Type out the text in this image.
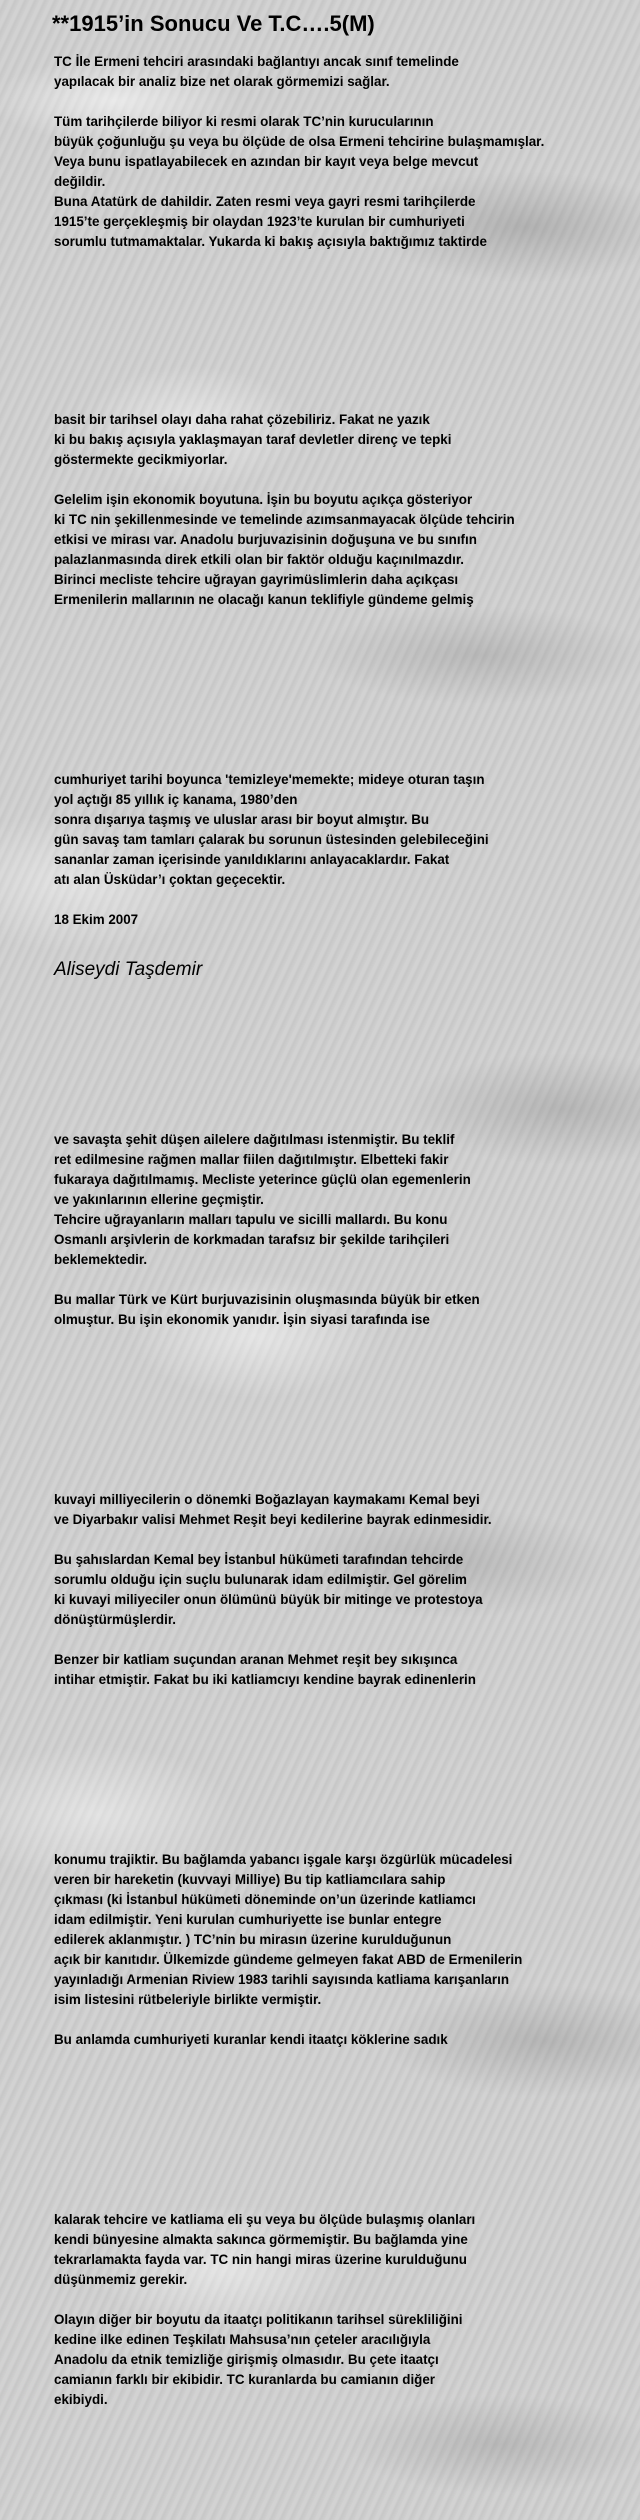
**1915’in Sonucu Ve T.C….5(M)
TC İle Ermeni tehciri arasındaki bağlantıyı ancak sınıf temelinde
yapılacak bir analiz bize net olarak görmemizi sağlar.
Tüm tarihçilerde biliyor ki resmi olarak TC’nin kurucularının
büyük çoğunluğu şu veya bu ölçüde de olsa Ermeni tehcirine bulaşmamışlar.
Veya bunu ispatlayabilecek en azından bir kayıt veya belge mevcut
değildir.
Buna Atatürk de dahildir. Zaten resmi veya gayri resmi tarihçilerde
1915’te gerçekleşmiş bir olaydan 1923’te kurulan bir cumhuriyeti
sorumlu tutmamaktalar. Yukarda ki bakış açısıyla baktığımız taktirde
basit bir tarihsel olayı daha rahat çözebiliriz. Fakat ne yazık
ki bu bakış açısıyla yaklaşmayan taraf devletler direnç ve tepki
göstermekte gecikmiyorlar.
Gelelim işin ekonomik boyutuna. İşin bu boyutu açıkça gösteriyor
ki TC nin şekillenmesinde ve temelinde azımsanmayacak ölçüde tehcirin
etkisi ve mirası var. Anadolu burjuvazisinin doğuşuna ve bu sınıfın
palazlanmasında direk etkili olan bir faktör olduğu kaçınılmazdır.
Birinci mecliste tehcire uğrayan gayrimüslimlerin daha açıkçası
Ermenilerin mallarının ne olacağı kanun teklifiyle gündeme gelmiş
cumhuriyet tarihi boyunca 'temizleye'memekte; mideye oturan taşın
yol açtığı 85 yıllık iç kanama, 1980’den
sonra dışarıya taşmış ve uluslar arası bir boyut almıştır. Bu
gün savaş tam tamları çalarak bu sorunun üstesinden gelebileceğini
sananlar zaman içerisinde yanıldıklarını anlayacaklardır. Fakat
atı alan Üsküdar’ı çoktan geçecektir.
18 Ekim 2007
Aliseydi Taşdemir
ve savaşta şehit düşen ailelere dağıtılması istenmiştir. Bu teklif
ret edilmesine rağmen mallar fiilen dağıtılmıştır. Elbetteki fakir
fukaraya dağıtılmamış. Mecliste yeterince güçlü olan egemenlerin
ve yakınlarının ellerine geçmiştir.
Tehcire uğrayanların malları tapulu ve sicilli mallardı. Bu konu
Osmanlı arşivlerin de korkmadan tarafsız bir şekilde tarihçileri
beklemektedir.
Bu mallar Türk ve Kürt burjuvazisinin oluşmasında büyük bir etken
olmuştur. Bu işin ekonomik yanıdır. İşin siyasi tarafında ise
kuvayi milliyecilerin o dönemki Boğazlayan kaymakamı Kemal beyi
ve Diyarbakır valisi Mehmet Reşit beyi kedilerine bayrak edinmesidir.
Bu şahıslardan Kemal bey İstanbul hükümeti tarafından tehcirde
sorumlu olduğu için suçlu bulunarak idam edilmiştir. Gel görelim
ki kuvayi miliyeciler onun ölümünü büyük bir mitinge ve protestoya
dönüştürmüşlerdir.
Benzer bir katliam suçundan aranan Mehmet reşit bey sıkışınca
intihar etmiştir. Fakat bu iki katliamcıyı kendine bayrak edinenlerin
konumu trajiktir. Bu bağlamda yabancı işgale karşı özgürlük mücadelesi
veren bir hareketin (kuvvayi Milliye) Bu tip katliamcılara sahip
çıkması (ki İstanbul hükümeti döneminde on’un üzerinde katliamcı
idam edilmiştir. Yeni kurulan cumhuriyette ise bunlar entegre
edilerek aklanmıştır. ) TC’nin bu mirasın üzerine kurulduğunun
açık bir kanıtıdır. Ülkemizde gündeme gelmeyen fakat ABD de Ermenilerin
yayınladığı Armenian Riview 1983 tarihli sayısında katliama karışanların
isim listesini rütbeleriyle birlikte vermiştir.
Bu anlamda cumhuriyeti kuranlar kendi itaatçı köklerine sadık
kalarak tehcire ve katliama eli şu veya bu ölçüde bulaşmış olanları
kendi bünyesine almakta sakınca görmemiştir. Bu bağlamda yine
tekrarlamakta fayda var. TC nin hangi miras üzerine kurulduğunu
düşünmemiz gerekir.
Olayın diğer bir boyutu da itaatçı politikanın tarihsel sürekliliğini
kedine ilke edinen Teşkilatı Mahsusa’nın çeteler aracılığıyla
Anadolu da etnik temizliğe girişmiş olmasıdır. Bu çete itaatçı
camianın farklı bir ekibidir. TC kuranlarda bu camianın diğer
ekibiydi.
